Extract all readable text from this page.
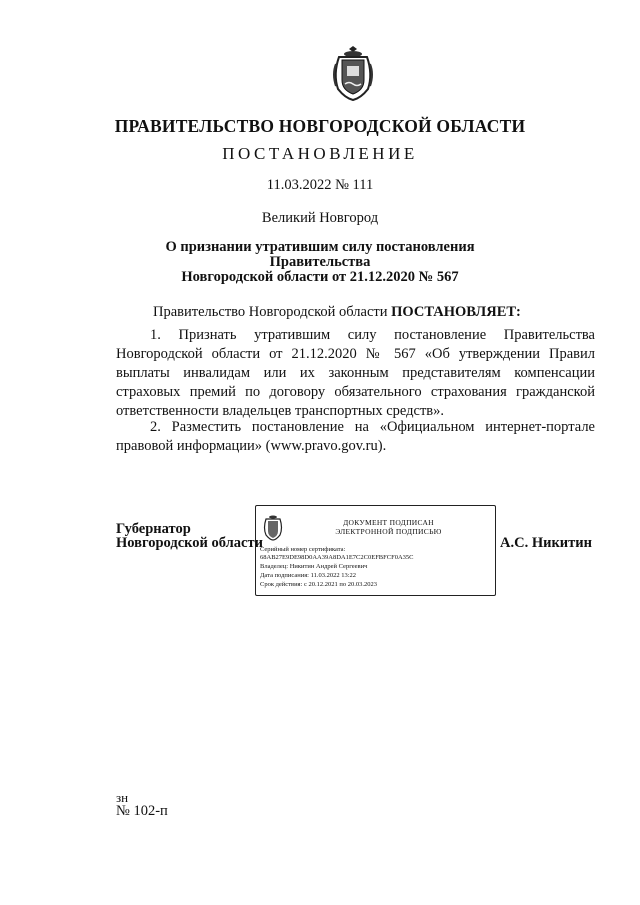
ПРАВИТЕЛЬСТВО НОВГОРОДСКОЙ ОБЛАСТИ
ПОСТАНОВЛЕНИЕ
11.03.2022 № 111
Великий Новгород
О признании утратившим силу постановления Правительства
Новгородской области от 21.12.2020 № 567
Правительство Новгородской области ПОСТАНОВЛЯЕТ:
1. Признать утратившим силу постановление Правительства Новгородской области от 21.12.2020 № 567 «Об утверждении Правил выплаты инвалидам или их законным представителям компенсации страховых премий по договору обязательного страхования гражданской ответственности владельцев транспортных средств».
2. Разместить постановление на «Официальном интернет-портале правовой информации» (www.pravo.gov.ru).
Губернатор
Новгородской области
ДОКУМЕНТ ПОДПИСАН
ЭЛЕКТРОННОЙ ПОДПИСЬЮ
Серийный номер сертификата:
68AB27E9DE98D0AA39A8DA1E7C2C0EFBFCF0A35C
Владелец: Никитин Андрей Сергеевич
Дата подписания: 11.03.2022 13:22
Срок действия: с 20.12.2021 по 20.03.2023
А.С. Никитин
зн
№ 102-п
